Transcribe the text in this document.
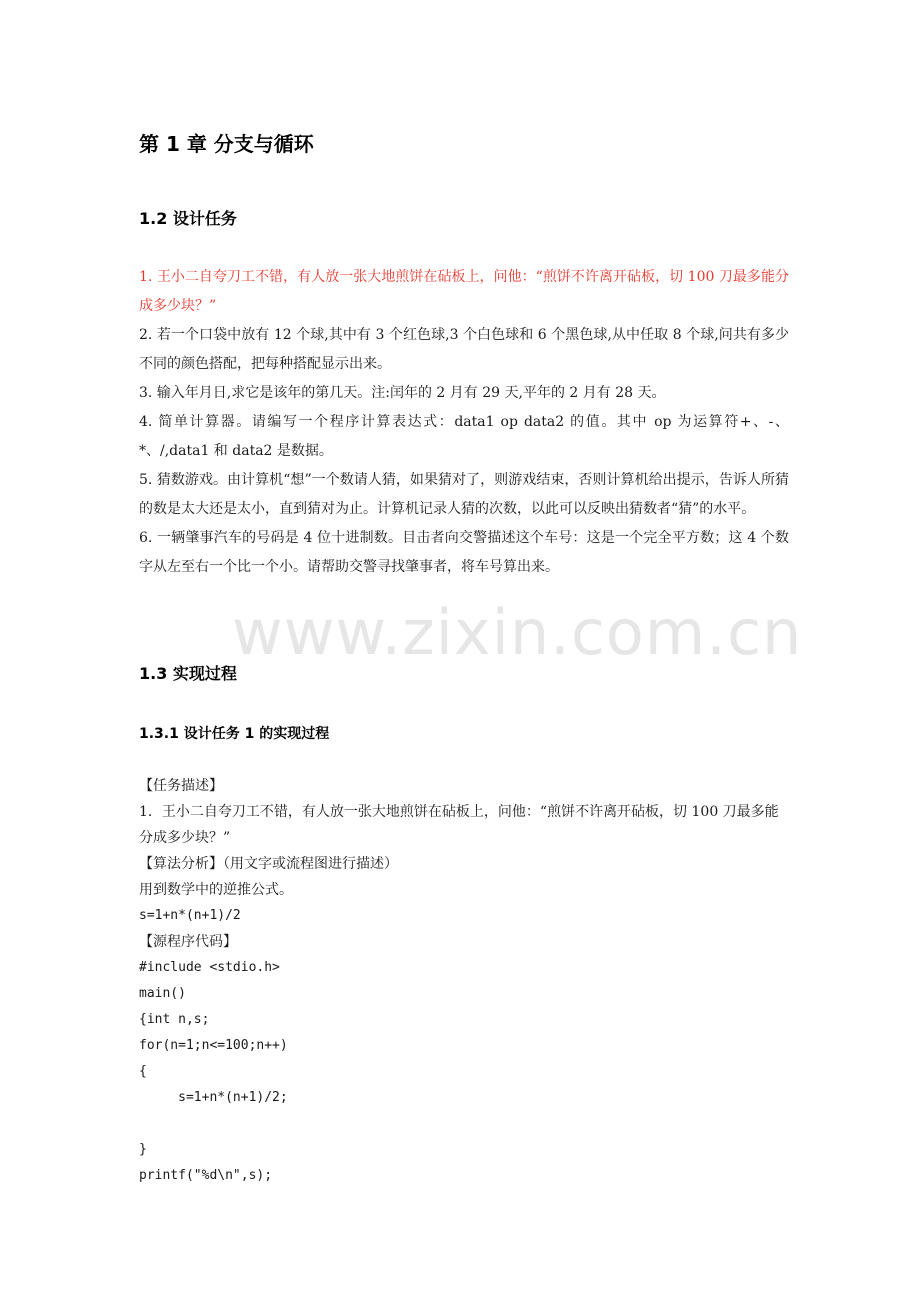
www.zixin.com.cn
第 1 章 分支与循环
1.2 设计任务

1. 王小二自夸刀工不错，有人放一张大地煎饼在砧板上，问他：“煎饼不许离开砧板，切 100 刀最多能分成多少块？”

2. 若一个口袋中放有 12 个球,其中有 3 个红色球,3 个白色球和 6 个黑色球,从中任取 8 个球,问共有多少不同的颜色搭配，把每种搭配显示出来。

3. 输入年月日,求它是该年的第几天。注:闰年的 2 月有 29 天,平年的 2 月有 28 天。

4. 简单计算器。请编写一个程序计算表达式：data1 op data2 的值。其中 op 为运算符+、-、*、/,data1 和 data2 是数据。

5. 猜数游戏。由计算机“想”一个数请人猜，如果猜对了，则游戏结束，否则计算机给出提示，告诉人所猜的数是太大还是太小，直到猜对为止。计算机记录人猜的次数，以此可以反映出猜数者“猜”的水平。

6. 一辆肇事汽车的号码是 4 位十进制数。目击者向交警描述这个车号：这是一个完全平方数；这 4 个数字从左至右一个比一个小。请帮助交警寻找肇事者，将车号算出来。

1.3 实现过程
1.3.1 设计任务 1 的实现过程

【任务描述】

1．王小二自夸刀工不错，有人放一张大地煎饼在砧板上，问他：“煎饼不许离开砧板，切 100 刀最多能分成多少块？”

【算法分析】（用文字或流程图进行描述）

用到数学中的逆推公式。

s=1+n*(n+1)/2

【源程序代码】

#include <stdio.h>

main()

{int n,s;

for(n=1;n<=100;n++)

{

s=1+n*(n+1)/2;

}

printf("%d\n",s);
